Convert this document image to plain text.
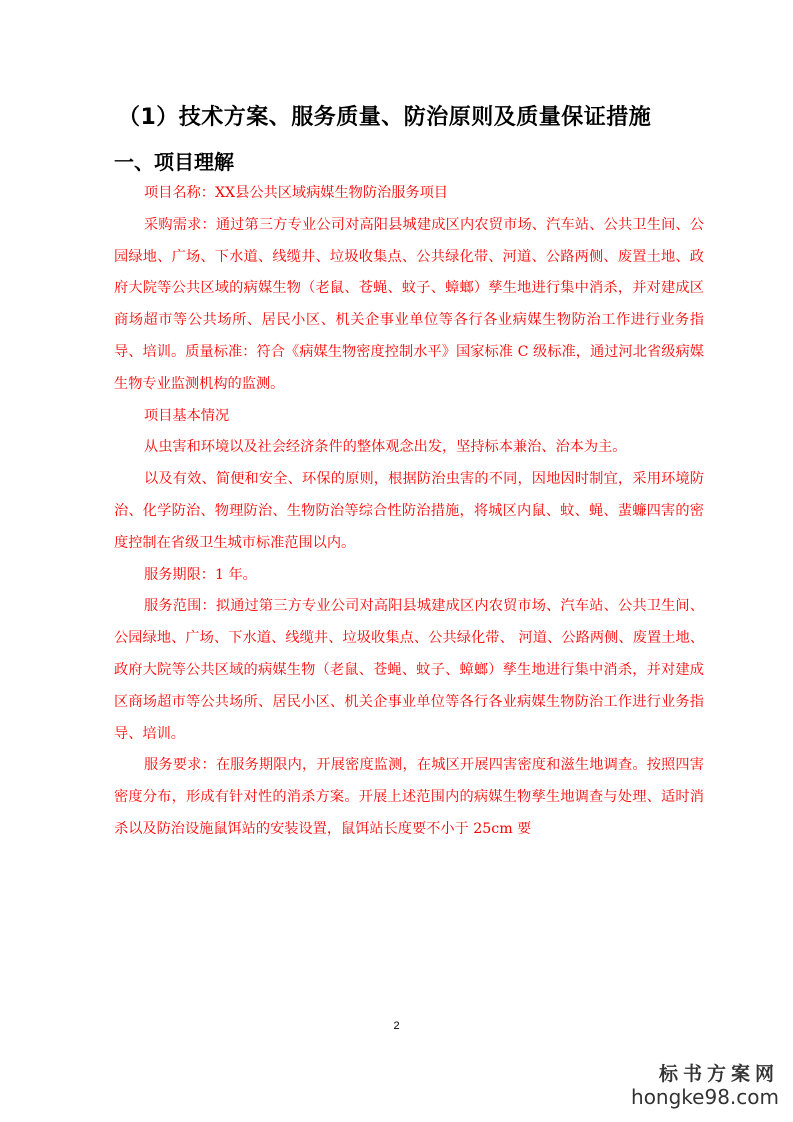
（1）技术方案、服务质量、防治原则及质量保证措施
一、项目理解

项目名称：XX县公共区域病媒生物防治服务项目

采购需求：通过第三方专业公司对高阳县城建成区内农贸市场、汽车站、公共卫生间、公园绿地、广场、下水道、线缆井、垃圾收集点、公共绿化带、河道、公路两侧、废置土地、政府大院等公共区域的病媒生物（老鼠、苍蝇、蚊子、蟑螂）孳生地进行集中消杀，并对建成区商场超市等公共场所、居民小区、机关企事业单位等各行各业病媒生物防治工作进行业务指导、培训。质量标准：符合《病媒生物密度控制水平》国家标准 C 级标准，通过河北省级病媒生物专业监测机构的监测。

项目基本情况

从虫害和环境以及社会经济条件的整体观念出发，坚持标本兼治、治本为主。

以及有效、简便和安全、环保的原则，根据防治虫害的不同，因地因时制宜，采用环境防治、化学防治、物理防治、生物防治等综合性防治措施，将城区内鼠、蚊、蝇、蜚蠊四害的密度控制在省级卫生城市标准范围以内。

服务期限：1 年。

服务范围：拟通过第三方专业公司对高阳县城建成区内农贸市场、汽车站、公共卫生间、公园绿地、广场、下水道、线缆井、垃圾收集点、公共绿化带、 河道、公路两侧、废置土地、政府大院等公共区域的病媒生物（老鼠、苍蝇、蚊子、蟑螂）孳生地进行集中消杀，并对建成区商场超市等公共场所、居民小区、机关企事业单位等各行各业病媒生物防治工作进行业务指导、培训。

服务要求：在服务期限内，开展密度监测，在城区开展四害密度和滋生地调查。按照四害密度分布，形成有针对性的消杀方案。开展上述范围内的病媒生物孳生地调查与处理、适时消杀以及防治设施鼠饵站的安装设置，鼠饵站长度要不小于 25cm 要

2
标书方案网
hongke98.com
